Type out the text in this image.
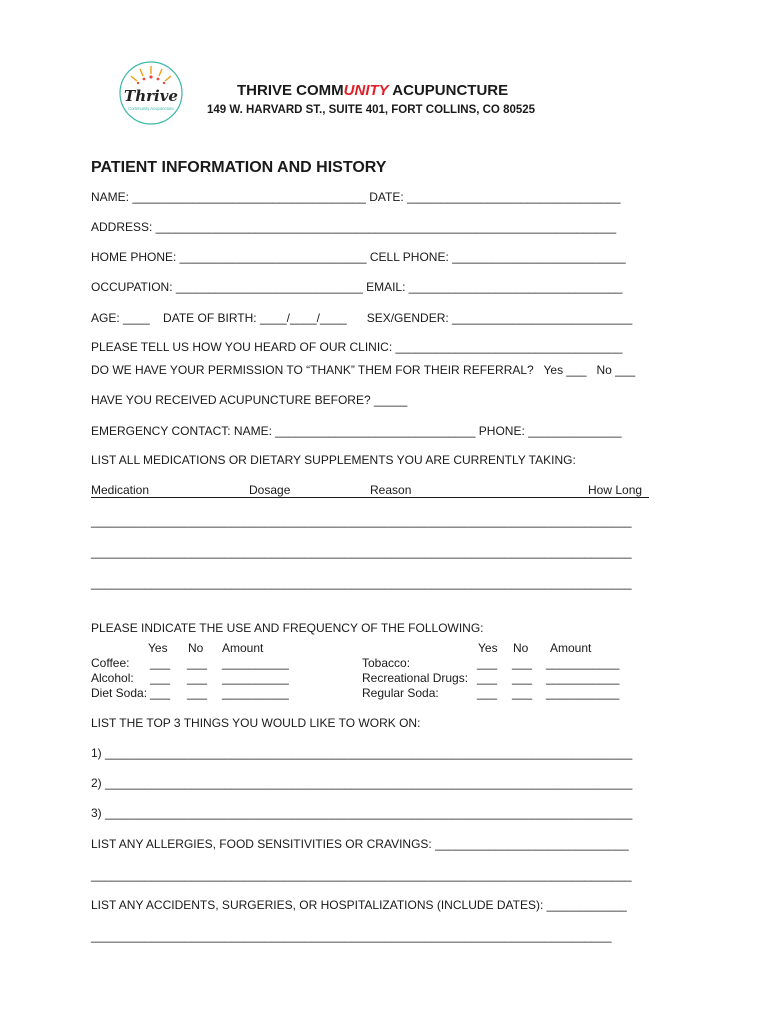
Thrive
Community Acupuncture
THRIVE COMMUNITY ACUPUNCTURE
149 W. HARVARD ST., SUITE 401, FORT COLLINS, CO 80525
PATIENT INFORMATION AND HISTORY
NAME: ___________________________________ DATE: ________________________________
ADDRESS: _____________________________________________________________________
HOME PHONE: ____________________________ CELL PHONE: __________________________
OCCUPATION: ____________________________ EMAIL: ________________________________
AGE: ____    DATE OF BIRTH: ____/____/____      SEX/GENDER: ___________________________
PLEASE TELL US HOW YOU HEARD OF OUR CLINIC: __________________________________
DO WE HAVE YOUR PERMISSION TO “THANK” THEM FOR THEIR REFERRAL?   Yes ___   No ___
HAVE YOU RECEIVED ACUPUNCTURE BEFORE? _____
EMERGENCY CONTACT: NAME: ______________________________ PHONE: ______________
LIST ALL MEDICATIONS OR DIETARY SUPPLEMENTS YOU ARE CURRENTLY TAKING:
Medication	Dosage	Reason	How Long
_________________________________________________________________________________
_________________________________________________________________________________
_________________________________________________________________________________
PLEASE INDICATE THE USE AND FREQUENCY OF THE FOLLOWING:
Yes No Amount	Yes No Amount
Coffee: ___ ___ __________
Alcohol: ___ ___ __________
Diet Soda: ___ ___ __________
Tobacco:	___ ___ ___________
Recreational Drugs: ___ ___ ___________
Regular Soda:	___ ___ ___________
LIST THE TOP 3 THINGS YOU WOULD LIKE TO WORK ON:
1) _______________________________________________________________________________
2) _______________________________________________________________________________
3) _______________________________________________________________________________
LIST ANY ALLERGIES, FOOD SENSITIVITIES OR CRAVINGS: _____________________________
_________________________________________________________________________________
LIST ANY ACCIDENTS, SURGERIES, OR HOSPITALIZATIONS (INCLUDE DATES): ____________
______________________________________________________________________________
